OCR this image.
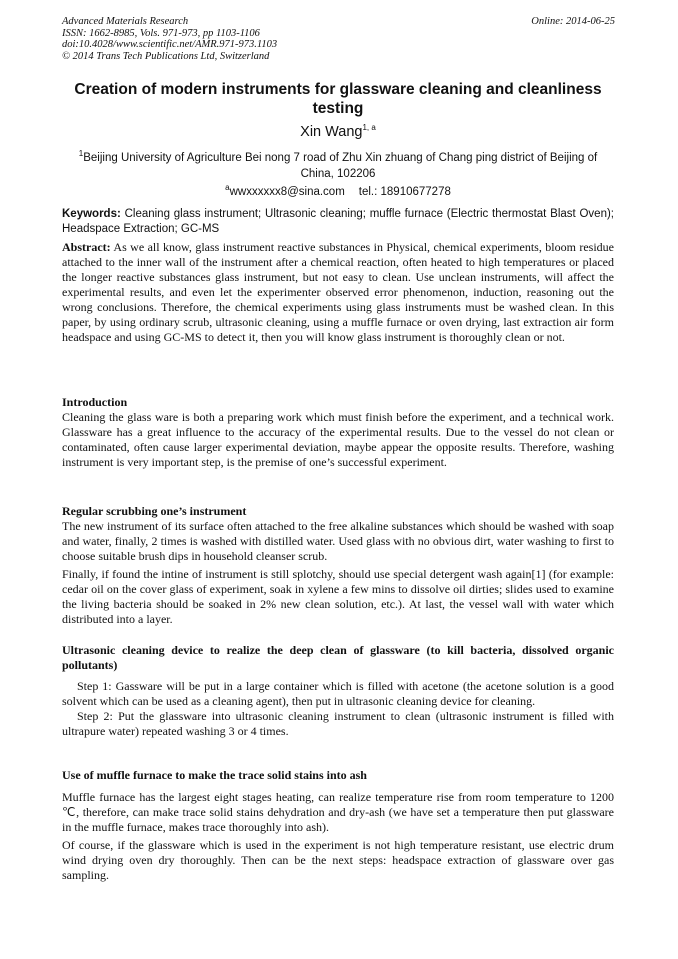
Advanced Materials Research
ISSN: 1662-8985, Vols. 971-973, pp 1103-1106
doi:10.4028/www.scientific.net/AMR.971-973.1103
© 2014 Trans Tech Publications Ltd, Switzerland
Online: 2014-06-25
Creation of modern instruments for glassware cleaning and cleanliness testing
Xin Wang$^{1, a}$
$^1$Beijing University of Agriculture Bei nong 7 road of Zhu Xin zhuang of Chang ping district of Beijing of China, 102206
$^a$wwxxxxxx8@sina.com tel.: 18910677278
Keywords: Cleaning glass instrument; Ultrasonic cleaning; muffle furnace (Electric thermostat Blast Oven); Headspace Extraction; GC-MS

Abstract: As we all know, glass instrument reactive substances in Physical, chemical experiments, bloom residue attached to the inner wall of the instrument after a chemical reaction, often heated to high temperatures or placed the longer reactive substances glass instrument, but not easy to clean. Use unclean instruments, will affect the experimental results, and even let the experimenter observed error phenomenon, induction, reasoning out the wrong conclusions. Therefore, the chemical experiments using glass instruments must be washed clean. In this paper, by using ordinary scrub, ultrasonic cleaning, using a muffle furnace or oven drying, last extraction air form headspace and using GC-MS to detect it, then you will know glass instrument is thoroughly clean or not.

Introduction

Cleaning the glass ware is both a preparing work which must finish before the experiment, and a technical work. Glassware has a great influence to the accuracy of the experimental results. Due to the vessel do not clean or contaminated, often cause larger experimental deviation, maybe appear the opposite results. Therefore, washing instrument is very important step, is the premise of one’s successful experiment.

Regular scrubbing one’s instrument

The new instrument of its surface often attached to the free alkaline substances which should be washed with soap and water, finally, 2 times is washed with distilled water. Used glass with no obvious dirt, water washing to first to choose suitable brush dips in household cleanser scrub.

Finally, if found the intine of instrument is still splotchy, should use special detergent wash again[1] (for example: cedar oil on the cover glass of experiment, soak in xylene a few mins to dissolve oil dirties; slides used to examine the living bacteria should be soaked in 2% new clean solution, etc.). At last, the vessel wall with water which distributed into a layer.

Ultrasonic cleaning device to realize the deep clean of glassware (to kill bacteria, dissolved organic pollutants)

Step 1: Gassware will be put in a large container which is filled with acetone (the acetone solution is a good solvent which can be used as a cleaning agent), then put in ultrasonic cleaning device for cleaning.

Step 2: Put the glassware into ultrasonic cleaning instrument to clean (ultrasonic instrument is filled with ultrapure water) repeated washing 3 or 4 times.

Use of muffle furnace to make the trace solid stains into ash

Muffle furnace has the largest eight stages heating, can realize temperature rise from room temperature to 1200 ℃, therefore, can make trace solid stains dehydration and dry-ash (we have set a temperature then put glassware in the muffle furnace, makes trace thoroughly into ash).

Of course, if the glassware which is used in the experiment is not high temperature resistant, use electric drum wind drying oven dry thoroughly. Then can be the next steps: headspace extraction of glassware over gas sampling.
